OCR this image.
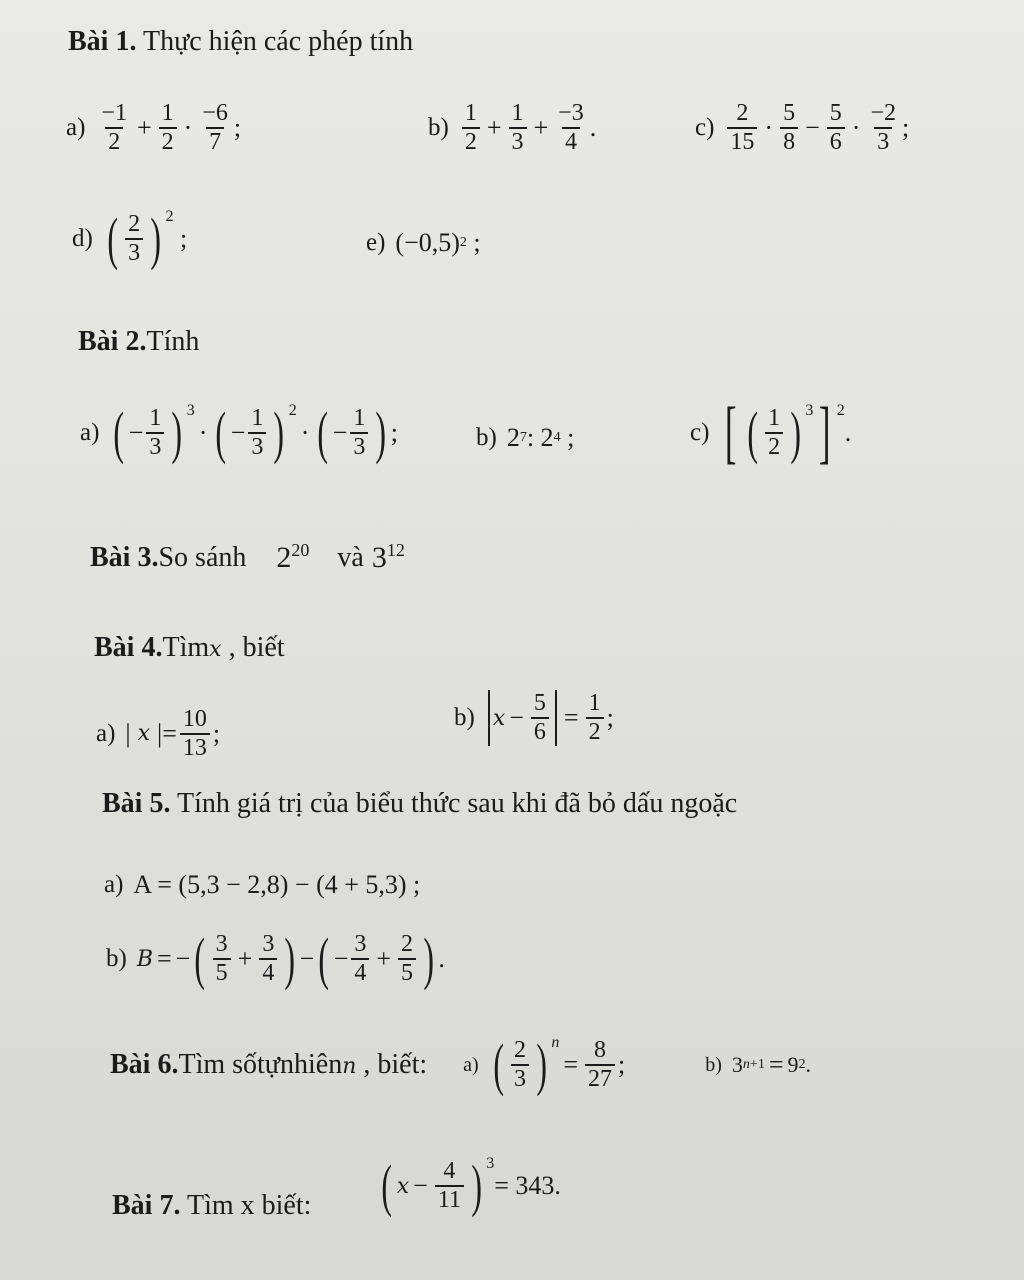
Bài 1. Thực hiện các phép tính
$a) \frac{-1}{2} + \frac{1}{2} \cdot \frac{-6}{7}$ ;	$b) \frac{1}{2} + \frac{1}{3} + \frac{-3}{4}$ .	$c) \frac{2}{15} \cdot \frac{5}{8} - \frac{5}{6} \cdot \frac{-2}{3}$ ;
d) ( $\frac{2}{3}$ ) 2
;	e) (−0,5) 2 ;
Bài 2.Tính
a) ( − $\frac{1}{3}$ ) 3
· ( − $\frac{1}{3}$ ) 2
· ( − $\frac{1}{3}$ ) ;	b) 2 7 : 2 4 ;	c) [ ( $\frac{1}{2}$ ) 3 ] 2
.
Bài 3.So sánh $2^{20}$ và $3^{12}$
Bài 4.Tìmx , biết
a) | x |= $\frac{10}{13}$ ;
b) $x - \frac{5}{6} = \frac{1}{2}$ ;
Bài 5. Tính giá trị của biểu thức sau khi đã bỏ dấu ngoặc
a) A = (5,3 − 2,8) − (4 + 5,3) ;
b) B = − ( $\frac{3}{5} + \frac{3}{4}$ ) − ( − $\frac{3}{4} + \frac{2}{5}$ ) .
Bài 6.Tìm sốtựnhiênn , biết: a) ( $\frac{2}{3}$ ) n
= $\frac{8}{27}$ ;	b) 3 n+1 = 9 2 .
Bài 7. Tìm x biết: ( $x - \frac{4}{11}$ ) 3
= 343.
